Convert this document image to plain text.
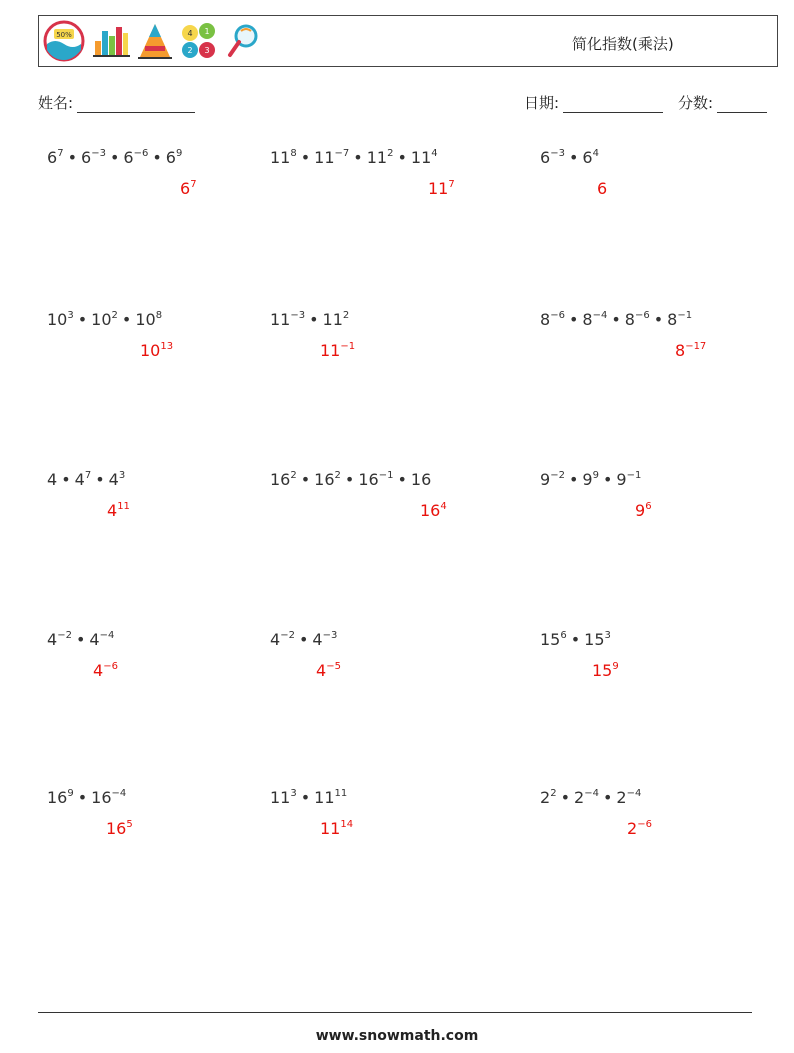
50%	4 1
2 3	简化指数(乘法)
姓名:	日期:	分数:
$6^7$ • $6^{-3}$ • $6^{-6}$ • $6^9$
$6^7$
$11^8$ • $11^{-7}$ • $11^2$ • $11^4$
$11^7$
$6^{-3}$ • $6^4$
6
$10^3$ • $10^2$ • $10^8$
$10^{13}$
$11^{-3}$ • $11^2$
$11^{-1}$
$8^{-6}$ • $8^{-4}$ • $8^{-6}$ • $8^{-1}$
$8^{-17}$
4 • $4^7$ • $4^3$
$4^{11}$
$16^2$ • $16^2$ • $16^{-1}$ • 16
$16^4$
$9^{-2}$ • $9^9$ • $9^{-1}$
$9^6$
$4^{-2}$ • $4^{-4}$
$4^{-6}$
$4^{-2}$ • $4^{-3}$
$4^{-5}$
$15^6$ • $15^3$
$15^9$
$16^9$ • $16^{-4}$
$16^5$
$11^3$ • $11^{11}$
$11^{14}$
$2^2$ • $2^{-4}$ • $2^{-4}$
$2^{-6}$
www.snowmath.com
